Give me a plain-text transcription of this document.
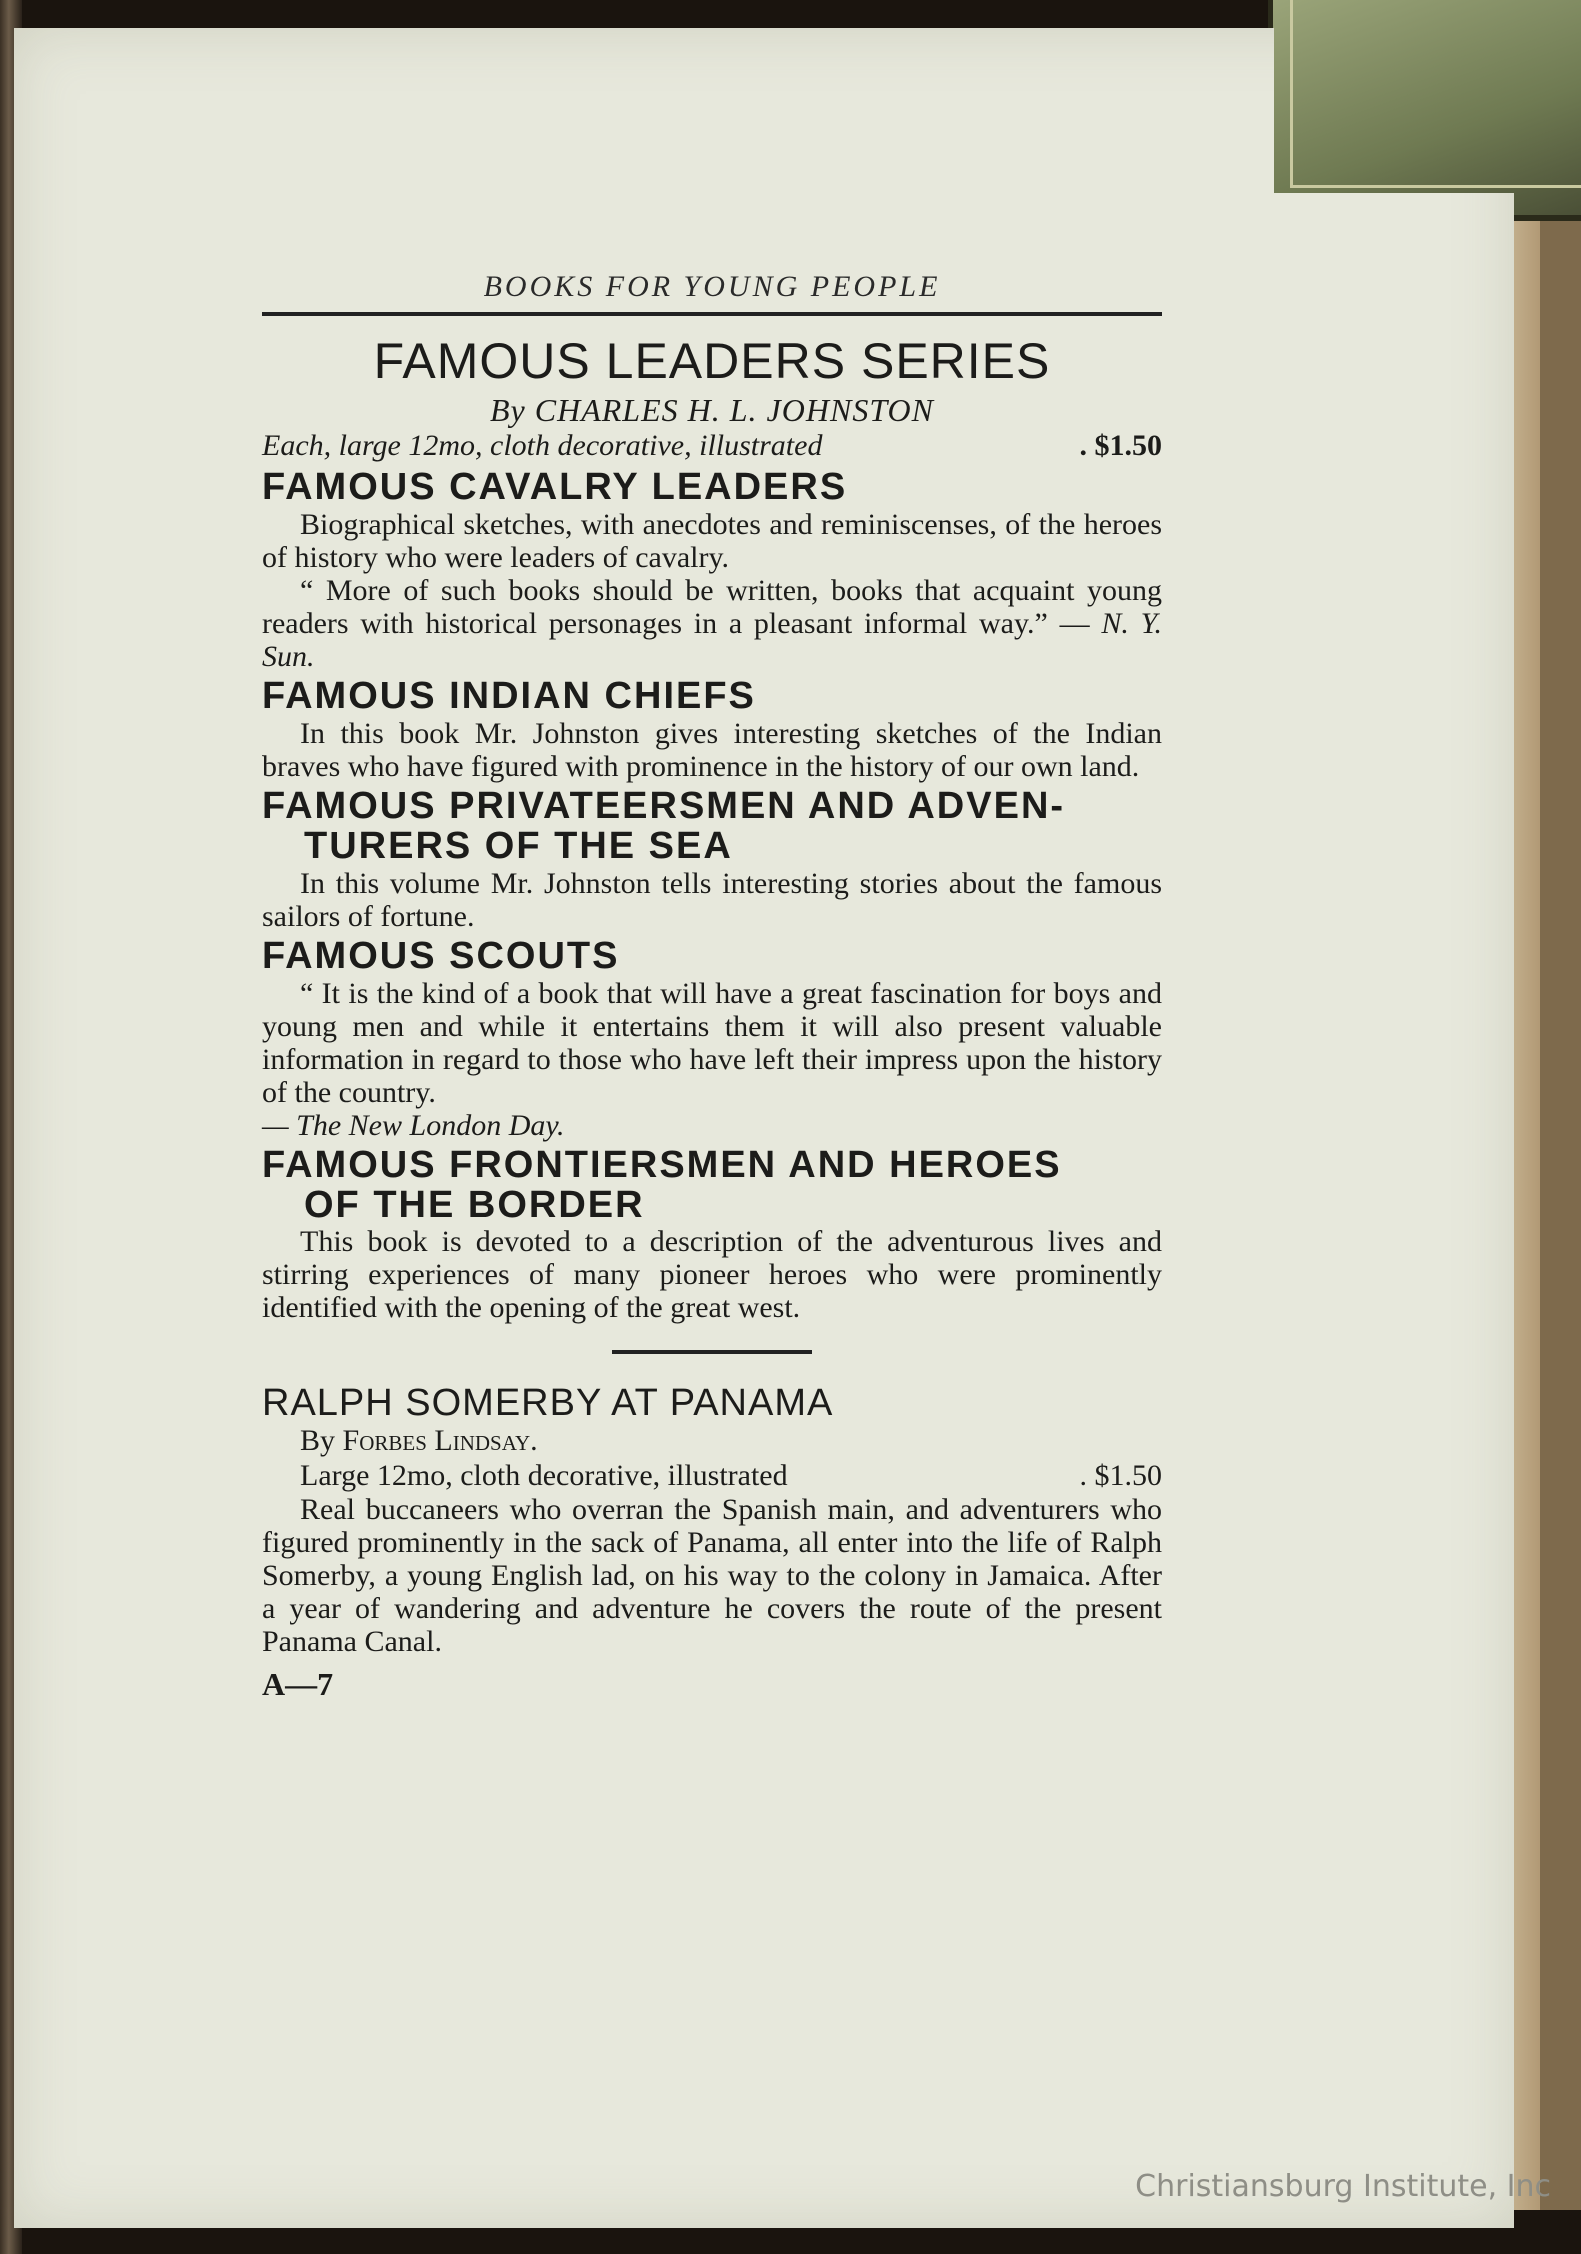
BOOKS FOR YOUNG PEOPLE
FAMOUS LEADERS SERIES
By CHARLES H. L. JOHNSTON
Each, large 12mo, cloth decorative, illustrated	. $1.50
FAMOUS CAVALRY LEADERS
Biographical sketches, with anecdotes and reminiscenses, of the heroes of history who were leaders of cavalry.
“ More of such books should be written, books that acquaint young readers with historical personages in a pleasant informal way.” — N. Y. Sun.
FAMOUS INDIAN CHIEFS
In this book Mr. Johnston gives interesting sketches of the Indian braves who have figured with prominence in the history of our own land.
FAMOUS PRIVATEERSMEN AND ADVEN-
TURERS OF THE SEA
In this volume Mr. Johnston tells interesting stories about the famous sailors of fortune.
FAMOUS SCOUTS
“ It is the kind of a book that will have a great fascination for boys and young men and while it entertains them it will also present valuable information in regard to those who have left their impress upon the history of the country.
— The New London Day.
FAMOUS FRONTIERSMEN AND HEROES
OF THE BORDER
This book is devoted to a description of the adventurous lives and stirring experiences of many pioneer heroes who were prominently identified with the opening of the great west.
RALPH SOMERBY AT PANAMA
By Forbes Lindsay.
Large 12mo, cloth decorative, illustrated	. $1.50
Real buccaneers who overran the Spanish main, and adventurers who figured prominently in the sack of Panama, all enter into the life of Ralph Somerby, a young English lad, on his way to the colony in Jamaica. After a year of wandering and adventure he covers the route of the present Panama Canal.
A—7
Christiansburg Institute, Inc
